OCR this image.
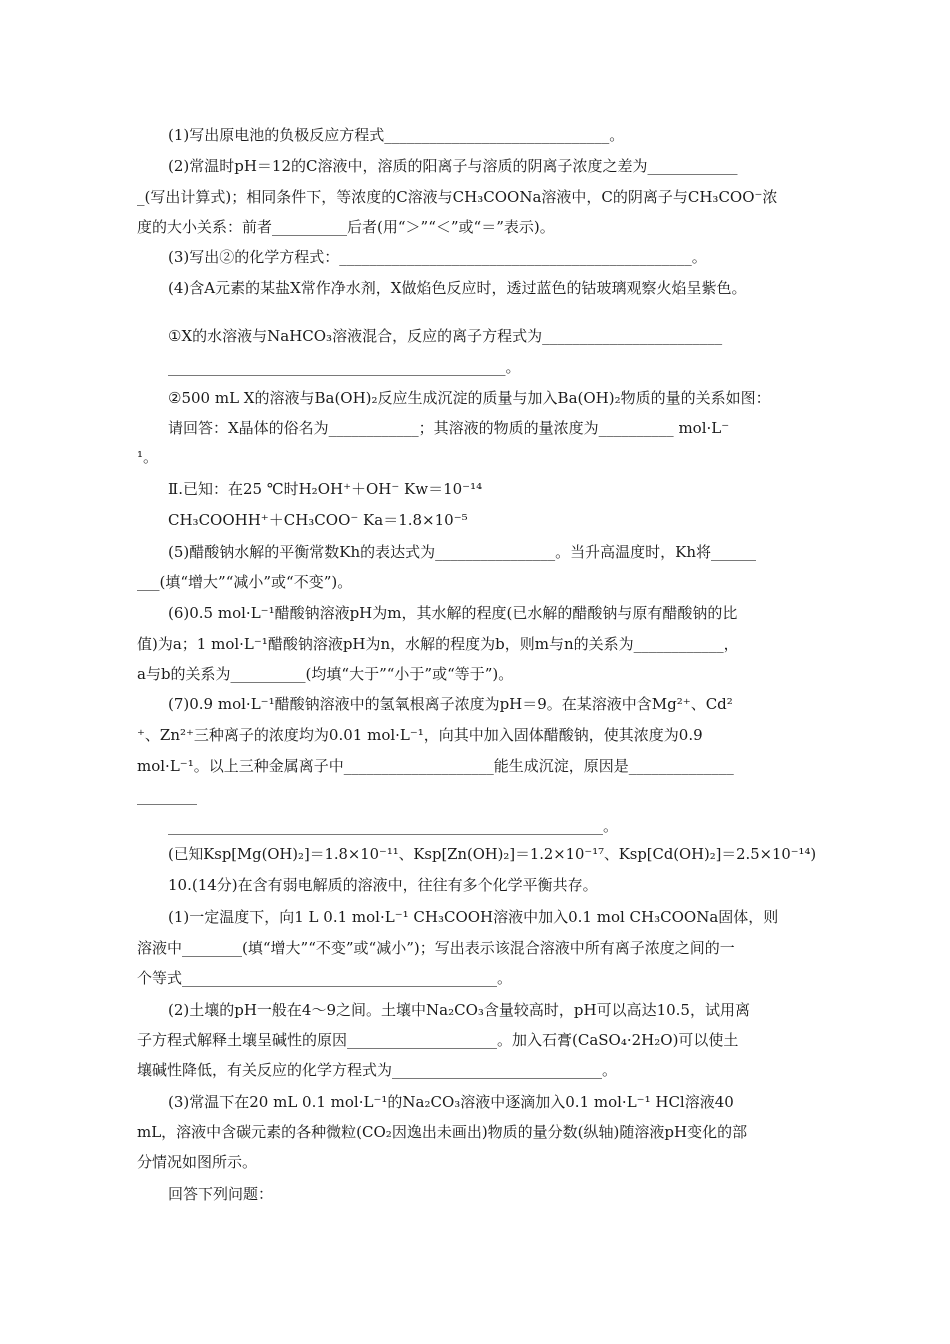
(1)写出原电池的负极反应方程式______________________________。
(2)常温时pH＝12的C溶液中，溶质的阳离子与溶质的阴离子浓度之差为____________
_(写出计算式)；相同条件下，等浓度的C溶液与CH₃COONa溶液中，C的阴离子与CH₃COO⁻浓
度的大小关系：前者__________后者(用“＞”“＜”或“＝”表示)。
(3)写出②的化学方程式：_______________________________________________。
(4)含A元素的某盐X常作净水剂，X做焰色反应时，透过蓝色的钴玻璃观察火焰呈紫色。
①X的水溶液与NaHCO₃溶液混合，反应的离子方程式为________________________
_____________________________________________。
②500 mL X的溶液与Ba(OH)₂反应生成沉淀的质量与加入Ba(OH)₂物质的量的关系如图：
请回答：X晶体的俗名为____________；其溶液的物质的量浓度为__________ mol·L⁻
¹。
Ⅱ.已知：在25 ℃时H₂OH⁺＋OH⁻ Kw＝10⁻¹⁴
CH₃COOHH⁺＋CH₃COO⁻ Ka＝1.8×10⁻⁵
(5)醋酸钠水解的平衡常数Kh的表达式为________________。当升高温度时，Kh将______
___(填“增大”“减小”或“不变”)。
(6)0.5 mol·L⁻¹醋酸钠溶液pH为m，其水解的程度(已水解的醋酸钠与原有醋酸钠的比
值)为a；1 mol·L⁻¹醋酸钠溶液pH为n，水解的程度为b，则m与n的关系为____________，
a与b的关系为__________(均填“大于”“小于”或“等于”)。
(7)0.9 mol·L⁻¹醋酸钠溶液中的氢氧根离子浓度为pH＝9。在某溶液中含Mg²⁺、Cd²
⁺、Zn²⁺三种离子的浓度均为0.01 mol·L⁻¹，向其中加入固体醋酸钠，使其浓度为0.9
mol·L⁻¹。以上三种金属离子中____________________能生成沉淀，原因是______________
________
__________________________________________________________。
(已知Ksp[Mg(OH)₂]＝1.8×10⁻¹¹、Ksp[Zn(OH)₂]＝1.2×10⁻¹⁷、Ksp[Cd(OH)₂]＝2.5×10⁻¹⁴)
10.(14分)在含有弱电解质的溶液中，往往有多个化学平衡共存。
(1)一定温度下，向1 L 0.1 mol·L⁻¹ CH₃COOH溶液中加入0.1 mol CH₃COONa固体，则
溶液中________(填“增大”“不变”或“减小”)；写出表示该混合溶液中所有离子浓度之间的一
个等式__________________________________________。
(2)土壤的pH一般在4～9之间。土壤中Na₂CO₃含量较高时，pH可以高达10.5，试用离
子方程式解释土壤呈碱性的原因____________________。加入石膏(CaSO₄·2H₂O)可以使土
壤碱性降低，有关反应的化学方程式为____________________________。
(3)常温下在20 mL 0.1 mol·L⁻¹的Na₂CO₃溶液中逐滴加入0.1 mol·L⁻¹ HCl溶液40
mL，溶液中含碳元素的各种微粒(CO₂因逸出未画出)物质的量分数(纵轴)随溶液pH变化的部
分情况如图所示。
回答下列问题：
